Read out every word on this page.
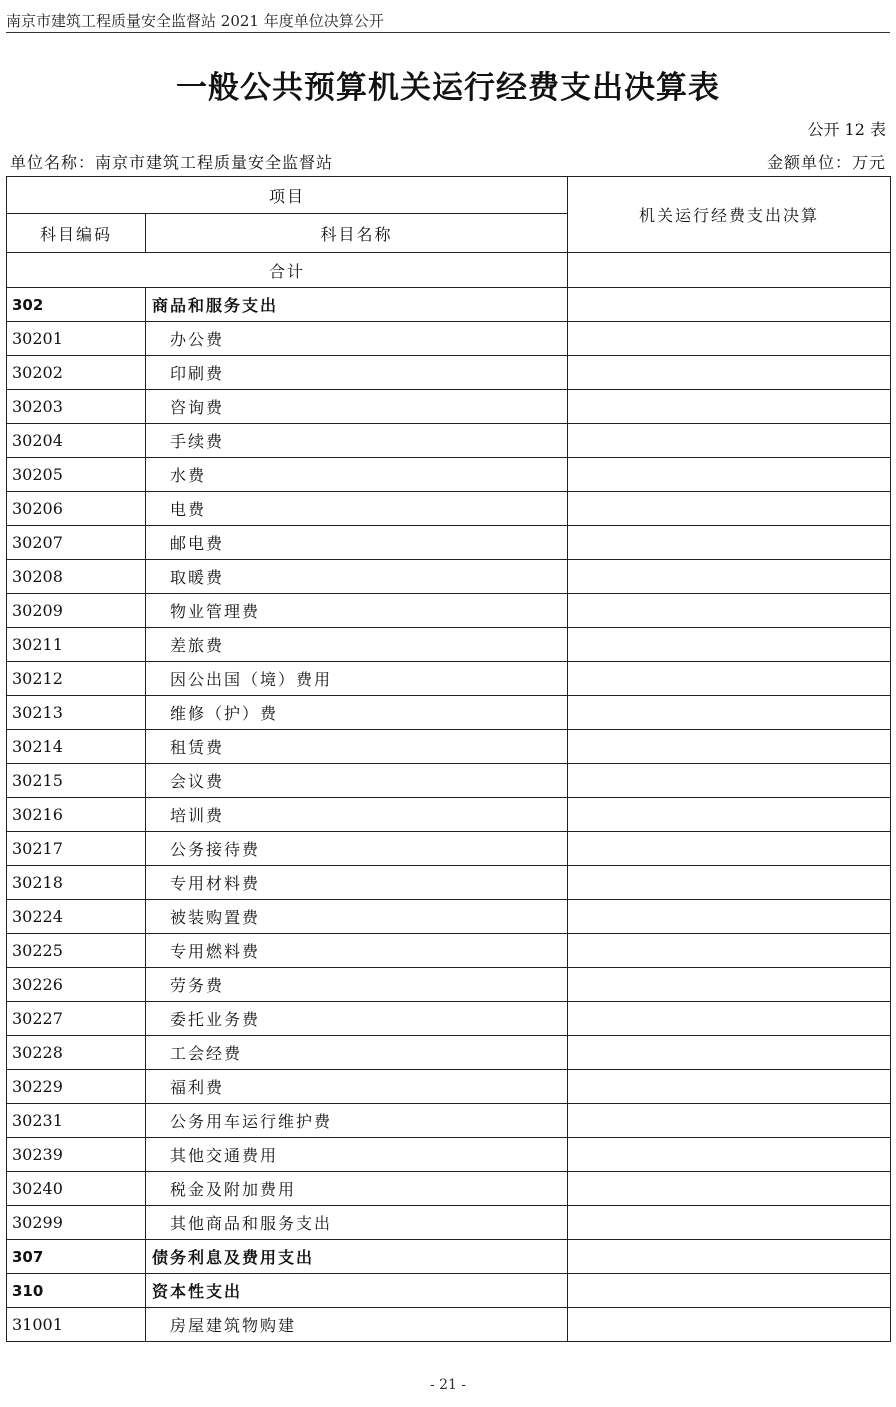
南京市建筑工程质量安全监督站 2021 年度单位决算公开
一般公共预算机关运行经费支出决算表
公开 12 表
单位名称：南京市建筑工程质量安全监督站	金额单位：万元
项目		机关运行经费支出决算
科目编码	科目名称	
合计		
302	商品和服务支出	
30201	办公费	
30202	印刷费	
30203	咨询费	
30204	手续费	
30205	水费	
30206	电费	
30207	邮电费	
30208	取暖费	
30209	物业管理费	
30211	差旅费	
30212	因公出国（境）费用	
30213	维修（护）费	
30214	租赁费	
30215	会议费	
30216	培训费	
30217	公务接待费	
30218	专用材料费	
30224	被装购置费	
30225	专用燃料费	
30226	劳务费	
30227	委托业务费	
30228	工会经费	
30229	福利费	
30231	公务用车运行维护费	
30239	其他交通费用	
30240	税金及附加费用	
30299	其他商品和服务支出	
307	债务利息及费用支出	
310	资本性支出	
31001	房屋建筑物购建	
- 21 -
